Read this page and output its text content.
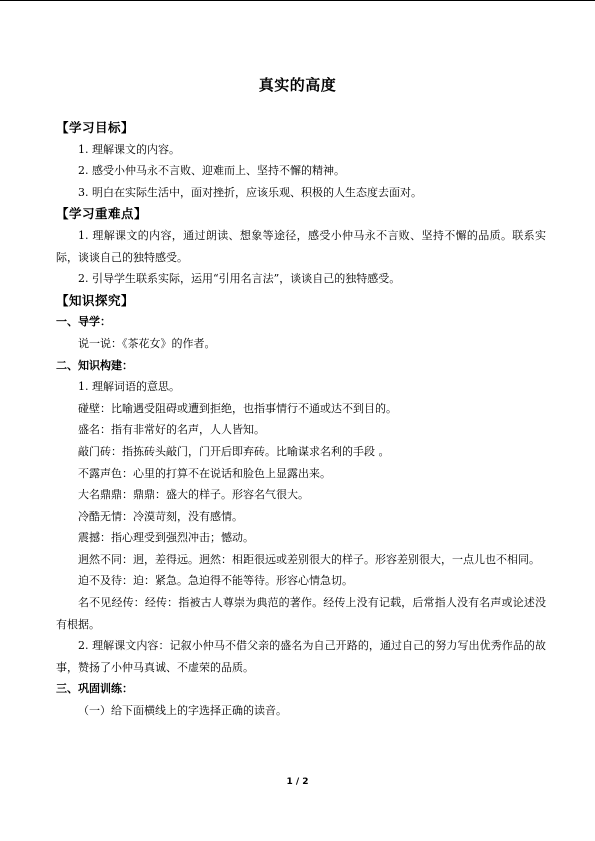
真实的高度

【学习目标】

1. 理解课文的内容。

2. 感受小仲马永不言败、迎难而上、坚持不懈的精神。

3. 明白在实际生活中，面对挫折，应该乐观、积极的人生态度去面对。

【学习重难点】

1. 理解课文的内容，通过朗读、想象等途径，感受小仲马永不言败、坚持不懈的品质。联系实际，谈谈自己的独特感受。

2. 引导学生联系实际，运用“引用名言法”，谈谈自己的独特感受。

【知识探究】

一、导学：

说一说：《茶花女》的作者。

二、知识构建：

1. 理解词语的意思。

碰壁：比喻遇受阻碍或遭到拒绝，也指事情行不通或达不到目的。

盛名：指有非常好的名声，人人皆知。

敲门砖：指拣砖头敲门，门开后即弃砖。比喻谋求名利的手段 。

不露声色：心里的打算不在说话和脸色上显露出来。

大名鼎鼎：鼎鼎：盛大的样子。形容名气很大。

冷酷无情：冷漠苛刻，没有感情。

震撼：指心理受到强烈冲击；憾动。

迥然不同：迥，差得远。迥然：相距很远或差别很大的样子。形容差别很大，一点儿也不相同。

迫不及待：迫：紧急。急迫得不能等待。形容心情急切。

名不见经传：经传：指被古人尊崇为典范的著作。经传上没有记载，后常指人没有名声或论述没有根据。

2. 理解课文内容：记叙小仲马不借父亲的盛名为自己开路的，通过自己的努力写出优秀作品的故事，赞扬了小仲马真诚、不虚荣的品质。

三、巩固训练：

（一）给下面横线上的字选择正确的读音。

1 / 2
